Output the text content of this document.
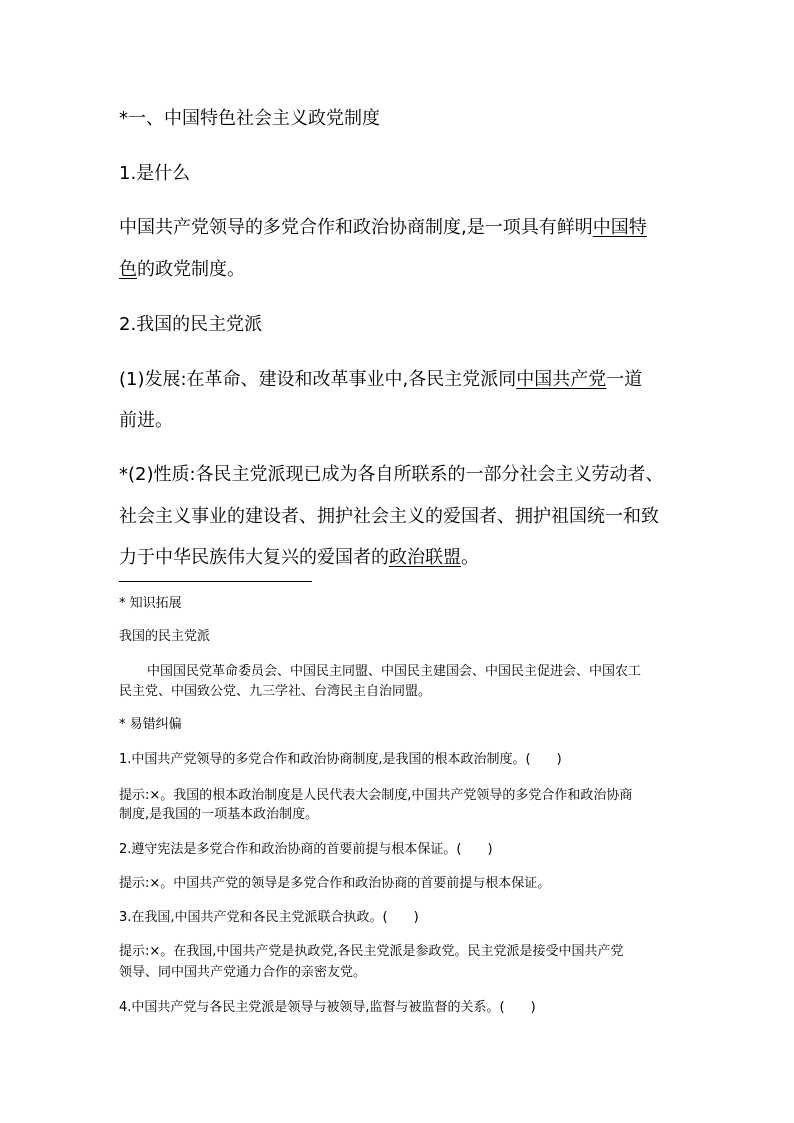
*一、中国特色社会主义政党制度
1.是什么
中国共产党领导的多党合作和政治协商制度,是一项具有鲜明中国特
色的政党制度。
2.我国的民主党派
(1)发展:在革命、建设和改革事业中,各民主党派同中国共产党一道
前进。
*(2)性质:各民主党派现已成为各自所联系的一部分社会主义劳动者、
社会主义事业的建设者、拥护社会主义的爱国者、拥护祖国统一和致
力于中华民族伟大复兴的爱国者的政治联盟。
* 知识拓展
我国的民主党派
中国国民党革命委员会、中国民主同盟、中国民主建国会、中国民主促进会、中国农工
民主党、中国致公党、九三学社、台湾民主自治同盟。
* 易错纠偏
1.中国共产党领导的多党合作和政治协商制度,是我国的根本政治制度。(　　)
提示:×。我国的根本政治制度是人民代表大会制度,中国共产党领导的多党合作和政治协商
制度,是我国的一项基本政治制度。
2.遵守宪法是多党合作和政治协商的首要前提与根本保证。(　　)
提示:×。中国共产党的领导是多党合作和政治协商的首要前提与根本保证。
3.在我国,中国共产党和各民主党派联合执政。(　　)
提示:×。在我国,中国共产党是执政党,各民主党派是参政党。民主党派是接受中国共产党
领导、同中国共产党通力合作的亲密友党。
4.中国共产党与各民主党派是领导与被领导,监督与被监督的关系。(　　)
